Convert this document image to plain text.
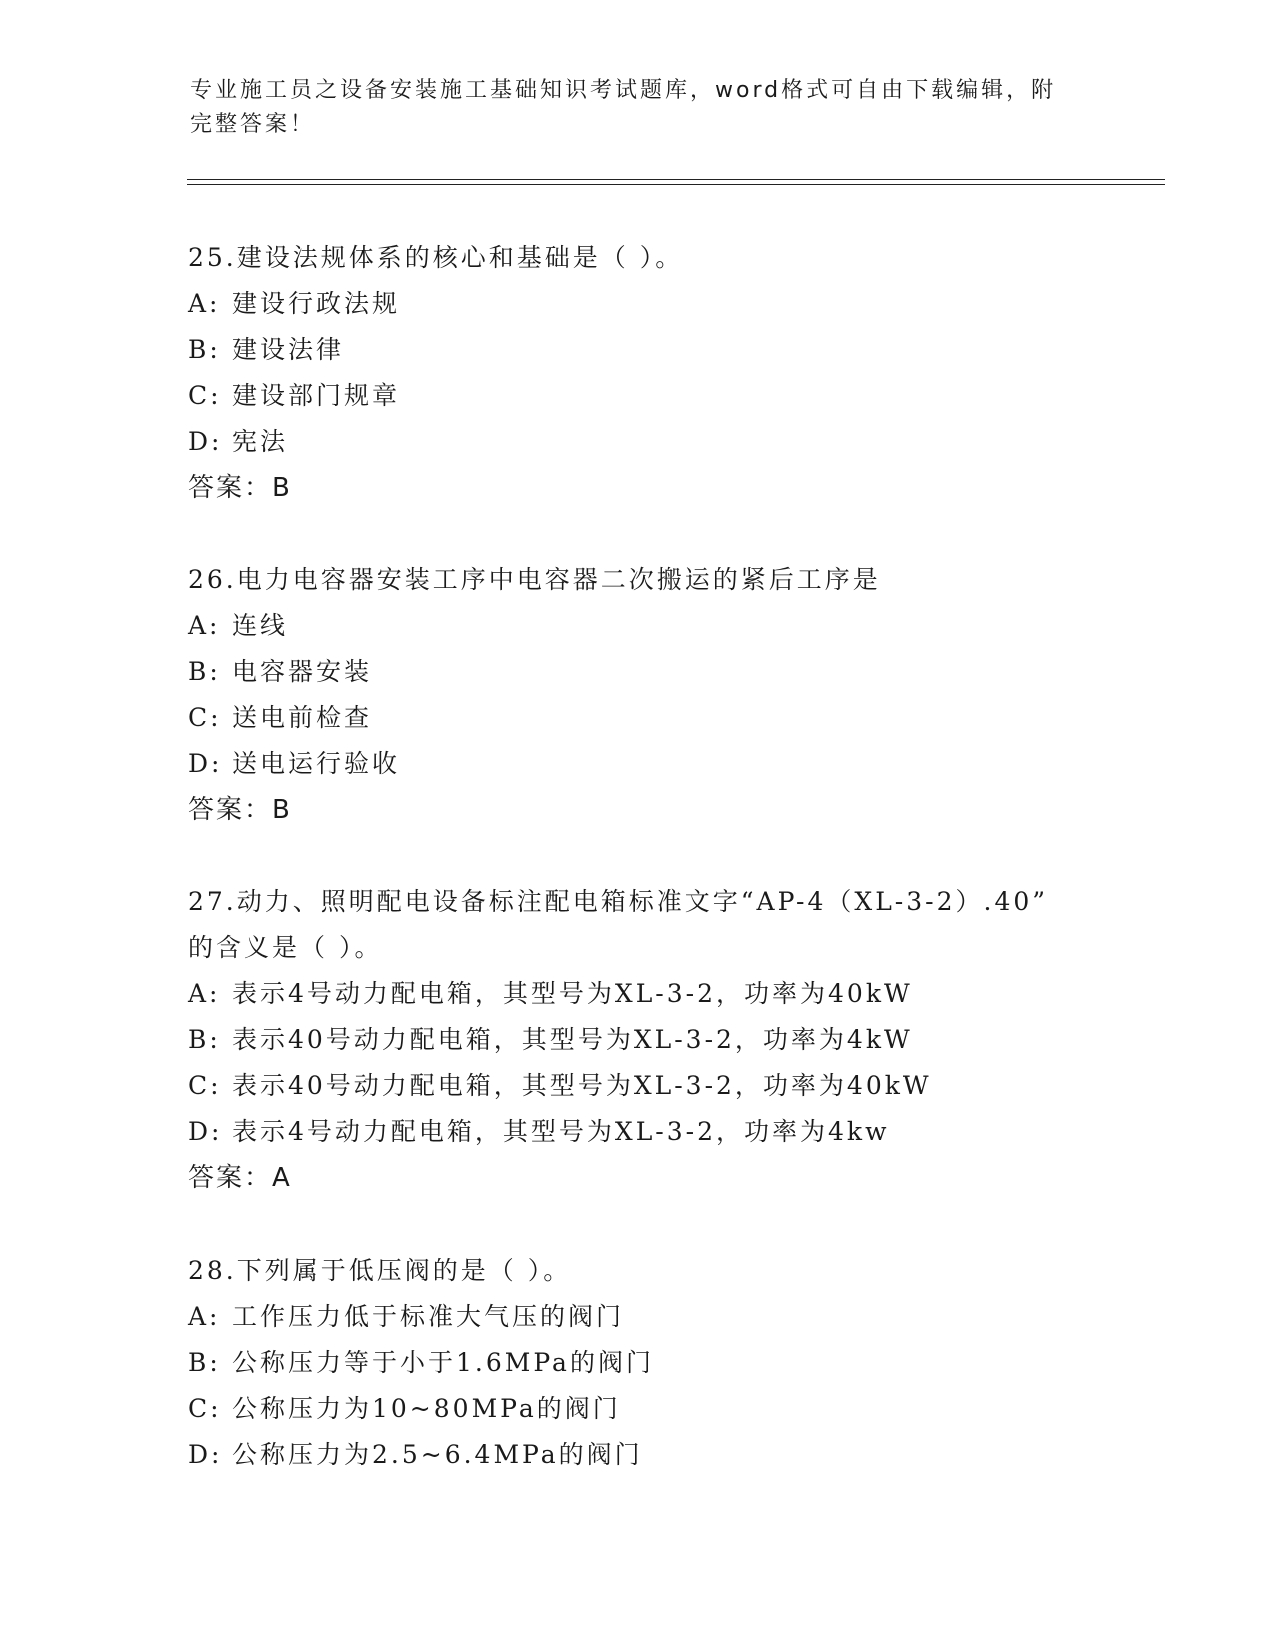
专业施工员之设备安装施工基础知识考试题库，word格式可自由下载编辑，附完整答案！
25.建设法规体系的核心和基础是（ ）。
A: 建设行政法规
B: 建设法律
C: 建设部门规章
D: 宪法
答案：B
26.电力电容器安装工序中电容器二次搬运的紧后工序是
A: 连线
B: 电容器安装
C: 送电前检查
D: 送电运行验收
答案：B
27.动力、照明配电设备标注配电箱标准文字“AP-4（XL-3-2）.40”
的含义是（ ）。
A: 表示4号动力配电箱，其型号为XL-3-2，功率为40kW
B: 表示40号动力配电箱，其型号为XL-3-2，功率为4kW
C: 表示40号动力配电箱，其型号为XL-3-2，功率为40kW
D: 表示4号动力配电箱，其型号为XL-3-2，功率为4kw
答案：A
28.下列属于低压阀的是（ ）。
A: 工作压力低于标准大气压的阀门
B: 公称压力等于小于1.6MPa的阀门
C: 公称压力为10~80MPa的阀门
D: 公称压力为2.5~6.4MPa的阀门
